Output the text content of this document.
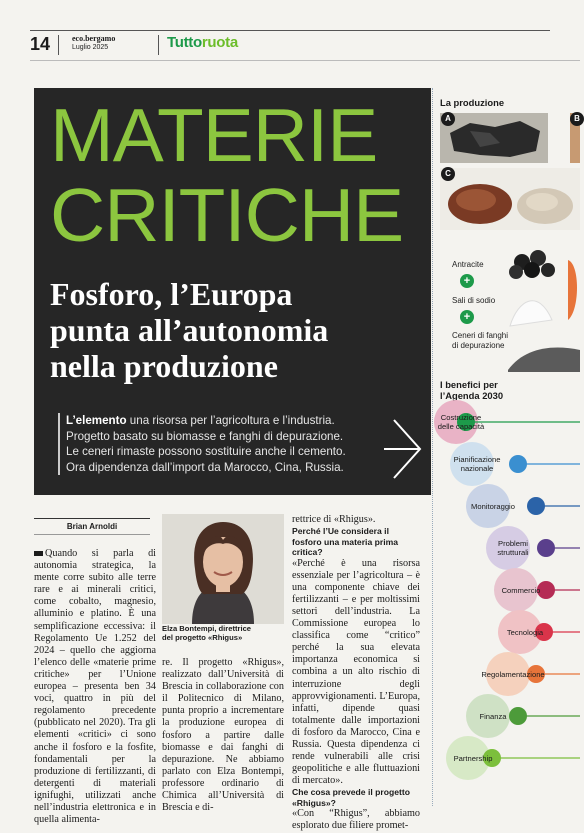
14	eco.bergamo
Luglio 2025	Tuttoruota
MATERIE
CRITICHE
Fosforo, l’Europa
punta all’autonomia
nella produzione
L’elemento una risorsa per l’agricoltura e l’industria.
Progetto basato su biomasse e fanghi di depurazione.
Le ceneri rimaste possono sostituire anche il cemento.
Ora dipendenza dall’import da Marocco, Cina, Russia.
Brian Arnoldi
Quando si parla di autonomia strategica, la mente corre subito alle terre rare e ai minerali critici, come cobalto, magnesio, alluminio e platino. È una semplificazione eccessiva: il Regolamento Ue 1.252 del 2024 – quello che aggiorna l’elenco delle «materie prime critiche» per l’Unione europea – presenta ben 34 voci, quattro in più del regolamento precedente (pubblicato nel 2020). Tra gli elementi «critici» ci sono anche il fosforo e la fosfite, fondamentali per la produzione di fertilizzanti, di detergenti di materiali ignifughi, utilizzati anche nell’industria elettronica e in quella alimenta-
Elza Bontempi, direttrice
del progetto «Rhigus»
re. Il progetto «Rhigus», realizzato dall’Università di Brescia in collaborazione con il Politecnico di Milano, punta proprio a incrementare la produzione europea di fosforo a partire dalle biomasse e dai fanghi di depurazione. Ne abbiamo parlato con Elza Bontempi, professore ordinario di Chimica all’Università di Brescia e di-
rettrice di «Rhigus».
Perché l’Ue considera il fosforo una materia prima critica?
«Perché è una risorsa essenziale per l’agricoltura – è una componente chiave dei fertilizzanti – e per moltissimi settori dell’industria. La Commissione europea lo classifica come “critico” perché la sua elevata importanza economica si combina a un alto rischio di interruzione degli approvvigionamenti. L’Europa, infatti, dipende quasi totalmente dalle importazioni di fosforo da Marocco, Cina e Russia. Questa dipendenza ci rende vulnerabili alle crisi geopolitiche e alle fluttuazioni di mercato».
Che cosa prevede il progetto «Rhigus»?
«Con “Rhigus”, abbiamo esplorato due filiere promet-
La produzione
A	B
C
Antracite
+
Sali di sodio
+
Ceneri di fanghi
di depurazione
I benefici per
l’Agenda 2030
Costruzione
delle capacità
Pianificazione
nazionale
Monitoraggio
Problemi
strutturali
Commercio
Tecnologia
Regolamentazione
Finanza
Partnership
